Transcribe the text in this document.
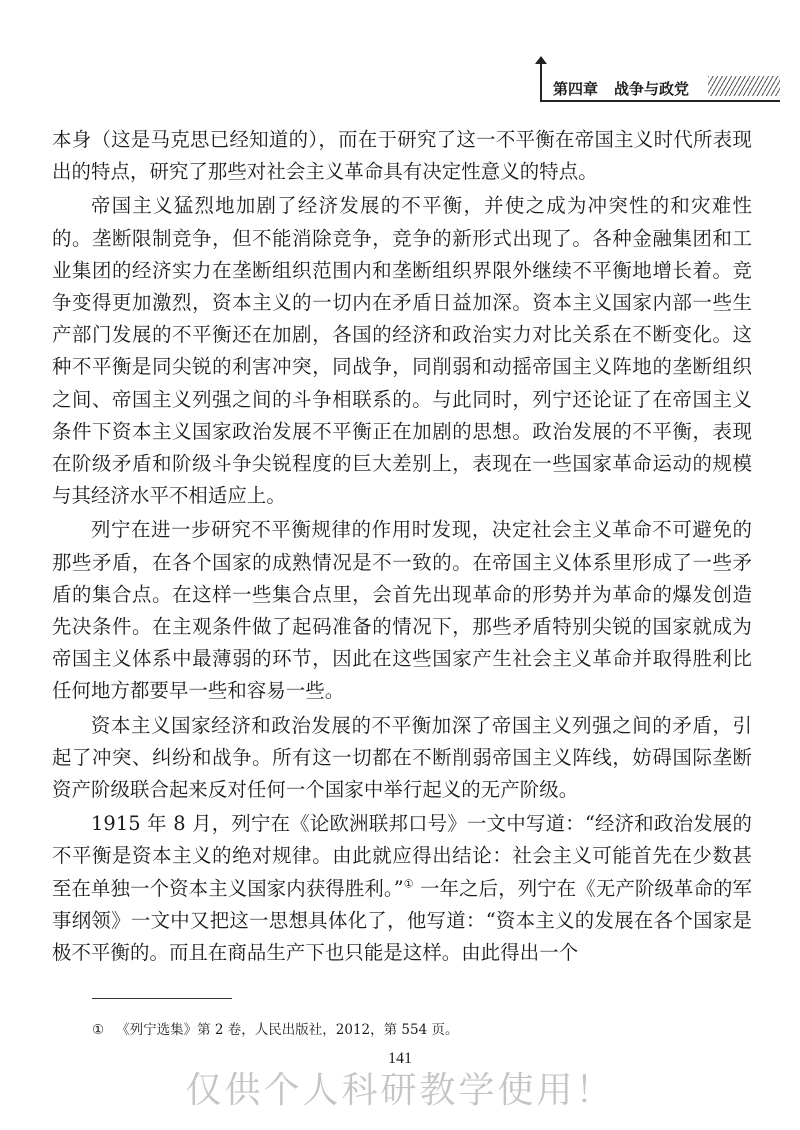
第四章 战争与政党

本身（这是马克思已经知道的），而在于研究了这一不平衡在帝国主义时代所表现出的特点，研究了那些对社会主义革命具有决定性意义的特点。

帝国主义猛烈地加剧了经济发展的不平衡，并使之成为冲突性的和灾难性的。垄断限制竞争，但不能消除竞争，竞争的新形式出现了。各种金融集团和工业集团的经济实力在垄断组织范围内和垄断组织界限外继续不平衡地增长着。竞争变得更加激烈，资本主义的一切内在矛盾日益加深。资本主义国家内部一些生产部门发展的不平衡还在加剧，各国的经济和政治实力对比关系在不断变化。这种不平衡是同尖锐的利害冲突，同战争，同削弱和动摇帝国主义阵地的垄断组织之间、帝国主义列强之间的斗争相联系的。与此同时，列宁还论证了在帝国主义条件下资本主义国家政治发展不平衡正在加剧的思想。政治发展的不平衡，表现在阶级矛盾和阶级斗争尖锐程度的巨大差别上，表现在一些国家革命运动的规模与其经济水平不相适应上。

列宁在进一步研究不平衡规律的作用时发现，决定社会主义革命不可避免的那些矛盾，在各个国家的成熟情况是不一致的。在帝国主义体系里形成了一些矛盾的集合点。在这样一些集合点里，会首先出现革命的形势并为革命的爆发创造先决条件。在主观条件做了起码准备的情况下，那些矛盾特别尖锐的国家就成为帝国主义体系中最薄弱的环节，因此在这些国家产生社会主义革命并取得胜利比任何地方都要早一些和容易一些。

资本主义国家经济和政治发展的不平衡加深了帝国主义列强之间的矛盾，引起了冲突、纠纷和战争。所有这一切都在不断削弱帝国主义阵线，妨碍国际垄断资产阶级联合起来反对任何一个国家中举行起义的无产阶级。

1915 年 8 月，列宁在《论欧洲联邦口号》一文中写道：“经济和政治发展的不平衡是资本主义的绝对规律。由此就应得出结论：社会主义可能首先在少数甚至在单独一个资本主义国家内获得胜利。”① 一年之后，列宁在《无产阶级革命的军事纲领》一文中又把这一思想具体化了，他写道：“资本主义的发展在各个国家是极不平衡的。而且在商品生产下也只能是这样。由此得出一个

① 《列宁选集》第 2 卷，人民出版社，2012，第 554 页。
141
仅供个人科研教学使用！
